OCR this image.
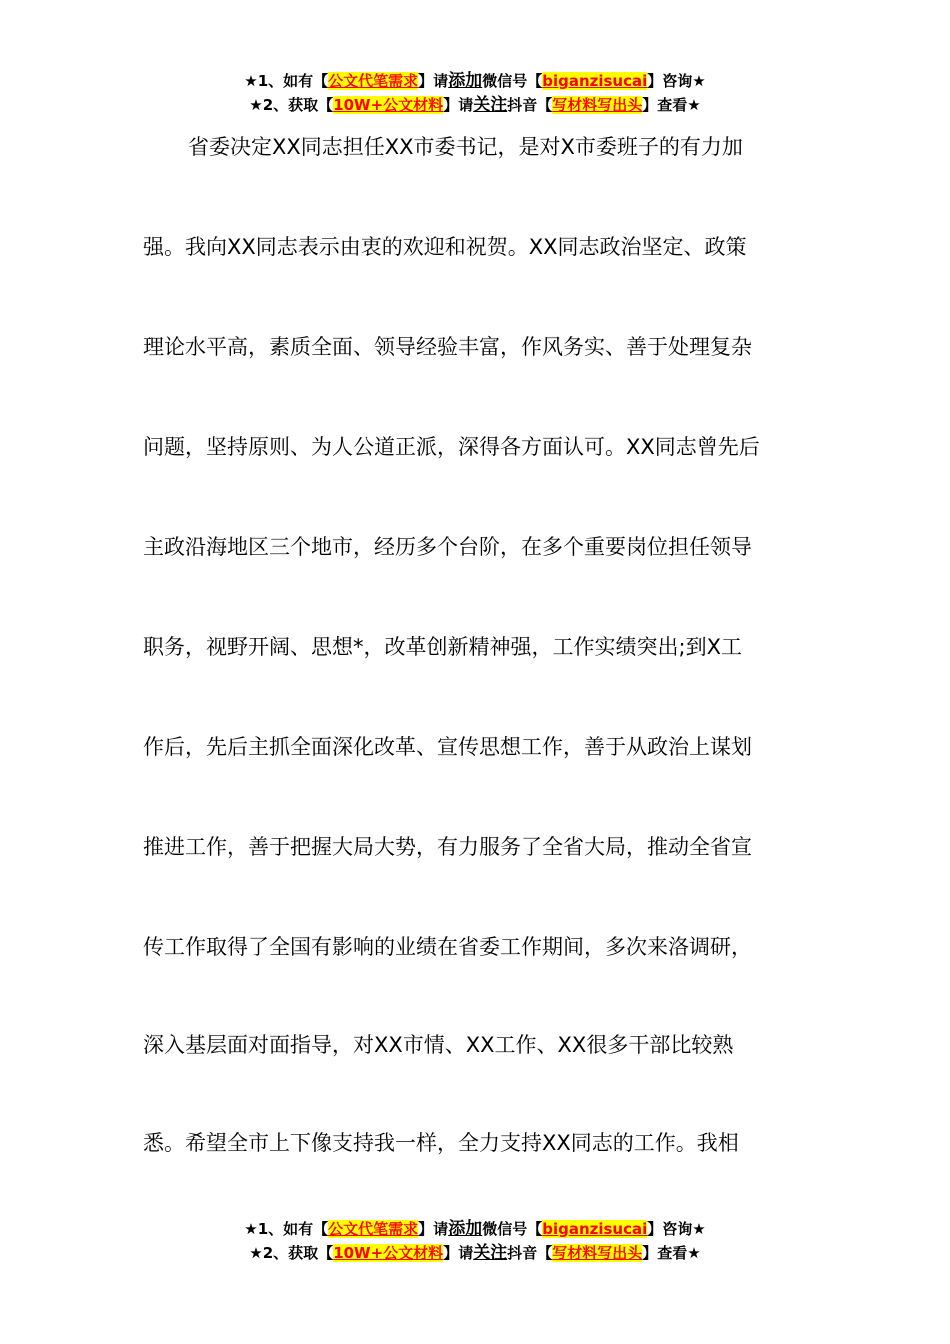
★1、如有【公文代笔需求】请添加微信号【biganzisucai】咨询★
★2、获取【10W+公文材料】请关注抖音【写材料写出头】查看★
省委决定XX同志担任XX市委书记，是对X市委班子的有力加
强。我向XX同志表示由衷的欢迎和祝贺。XX同志政治坚定、政策
理论水平高，素质全面、领导经验丰富，作风务实、善于处理复杂
问题，坚持原则、为人公道正派，深得各方面认可。XX同志曾先后
主政沿海地区三个地市，经历多个台阶，在多个重要岗位担任领导
职务，视野开阔、思想*，改革创新精神强，工作实绩突出;到X工
作后，先后主抓全面深化改革、宣传思想工作，善于从政治上谋划
推进工作，善于把握大局大势，有力服务了全省大局，推动全省宣
传工作取得了全国有影响的业绩在省委工作期间，多次来洛调研，
深入基层面对面指导，对XX市情、XX工作、XX很多干部比较熟
悉。希望全市上下像支持我一样，全力支持XX同志的工作。我相
★1、如有【公文代笔需求】请添加微信号【biganzisucai】咨询★
★2、获取【10W+公文材料】请关注抖音【写材料写出头】查看★
